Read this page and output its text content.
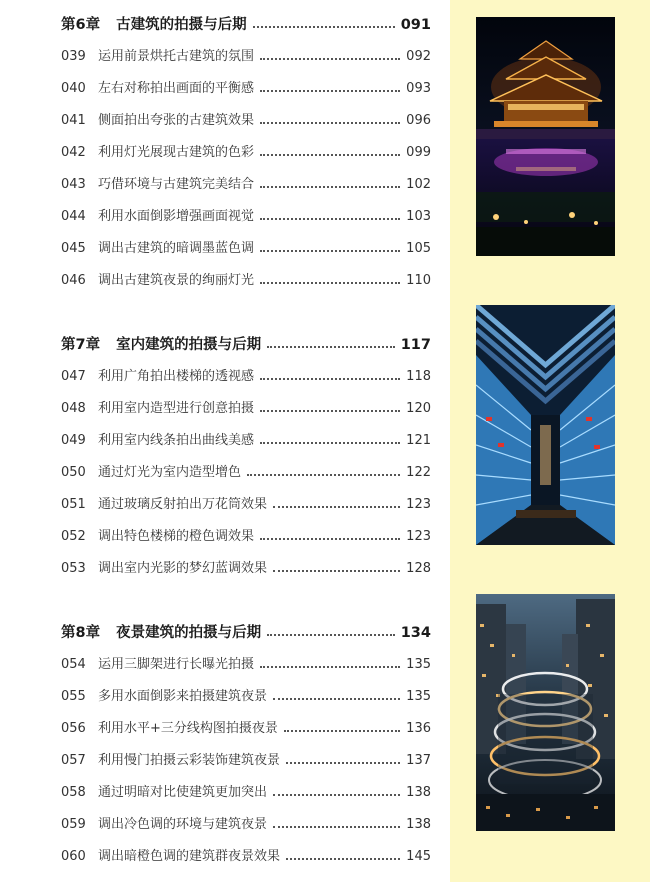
第6章 古建筑的拍摄与后期	091
039 运用前景烘托古建筑的氛围	092
040 左右对称拍出画面的平衡感	093
041 侧面拍出夸张的古建筑效果	096
042 利用灯光展现古建筑的色彩	099
043 巧借环境与古建筑完美结合	102
044 利用水面倒影增强画面视觉	103
045 调出古建筑的暗调墨蓝色调	105
046 调出古建筑夜景的绚丽灯光	110
第7章 室内建筑的拍摄与后期	117
047 利用广角拍出楼梯的透视感	118
048 利用室内造型进行创意拍摄	120
049 利用室内线条拍出曲线美感	121
050 通过灯光为室内造型增色	122
051 通过玻璃反射拍出万花筒效果	123
052 调出特色楼梯的橙色调效果	123
053 调出室内光影的梦幻蓝调效果	128
第8章 夜景建筑的拍摄与后期	134
054 运用三脚架进行长曝光拍摄	135
055 多用水面倒影来拍摄建筑夜景	135
056 利用水平+三分线构图拍摄夜景	136
057 利用慢门拍摄云彩装饰建筑夜景	137
058 通过明暗对比使建筑更加突出	138
059 调出冷色调的环境与建筑夜景	138
060 调出暗橙色调的建筑群夜景效果	145
